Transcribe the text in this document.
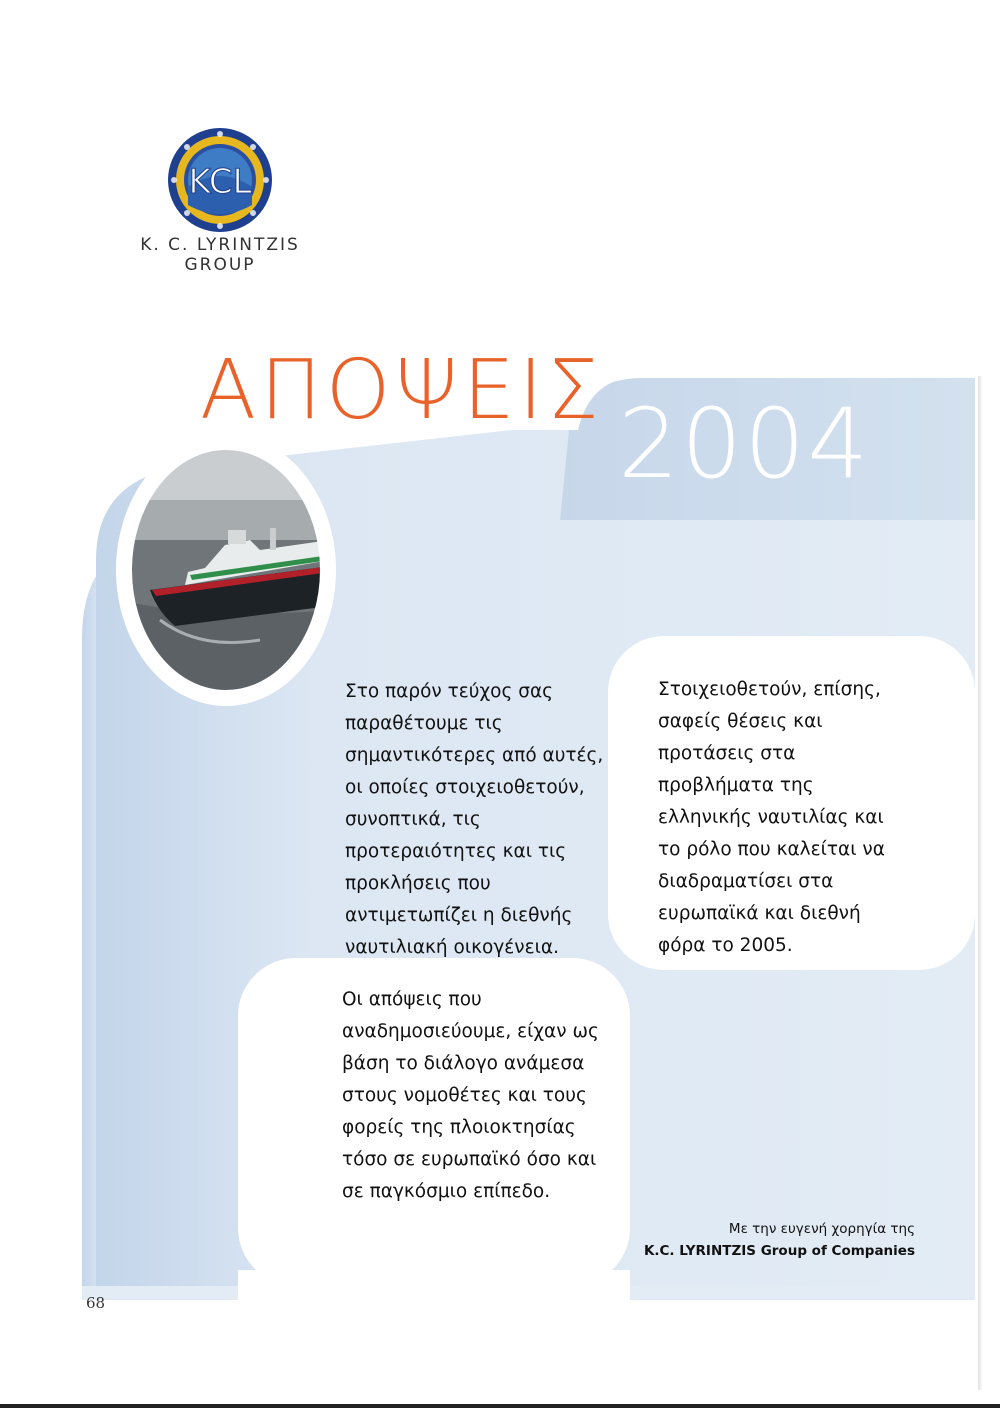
KCL
K. C. LYRINTZIS
GROUP
ΑΠΟΨΕΙΣ 2004
Στο παρόν τεύχος σας παραθέτουμε τις σημαντικότερες από αυτές, οι οποίες στοιχειοθετούν, συνοπτικά, τις προτεραιότητες και τις προκλήσεις που αντιμετωπίζει η διεθνής ναυτιλιακή οικογένεια.
Οι απόψεις που αναδημοσιεύουμε, είχαν ως βάση το διάλογο ανάμεσα στους νομοθέτες και τους φορείς της πλοιοκτησίας τόσο σε ευρωπαϊκό όσο και σε παγκόσμιο επίπεδο.
Στοιχειοθετούν, επίσης, σαφείς θέσεις και προτάσεις στα προβλήματα της ελληνικής ναυτιλίας και το ρόλο που καλείται να διαδραματίσει στα ευρωπαϊκά και διεθνή φόρα το 2005.
Με την ευγενή χορηγία της
K.C. LYRINTZIS Group of Companies
68
